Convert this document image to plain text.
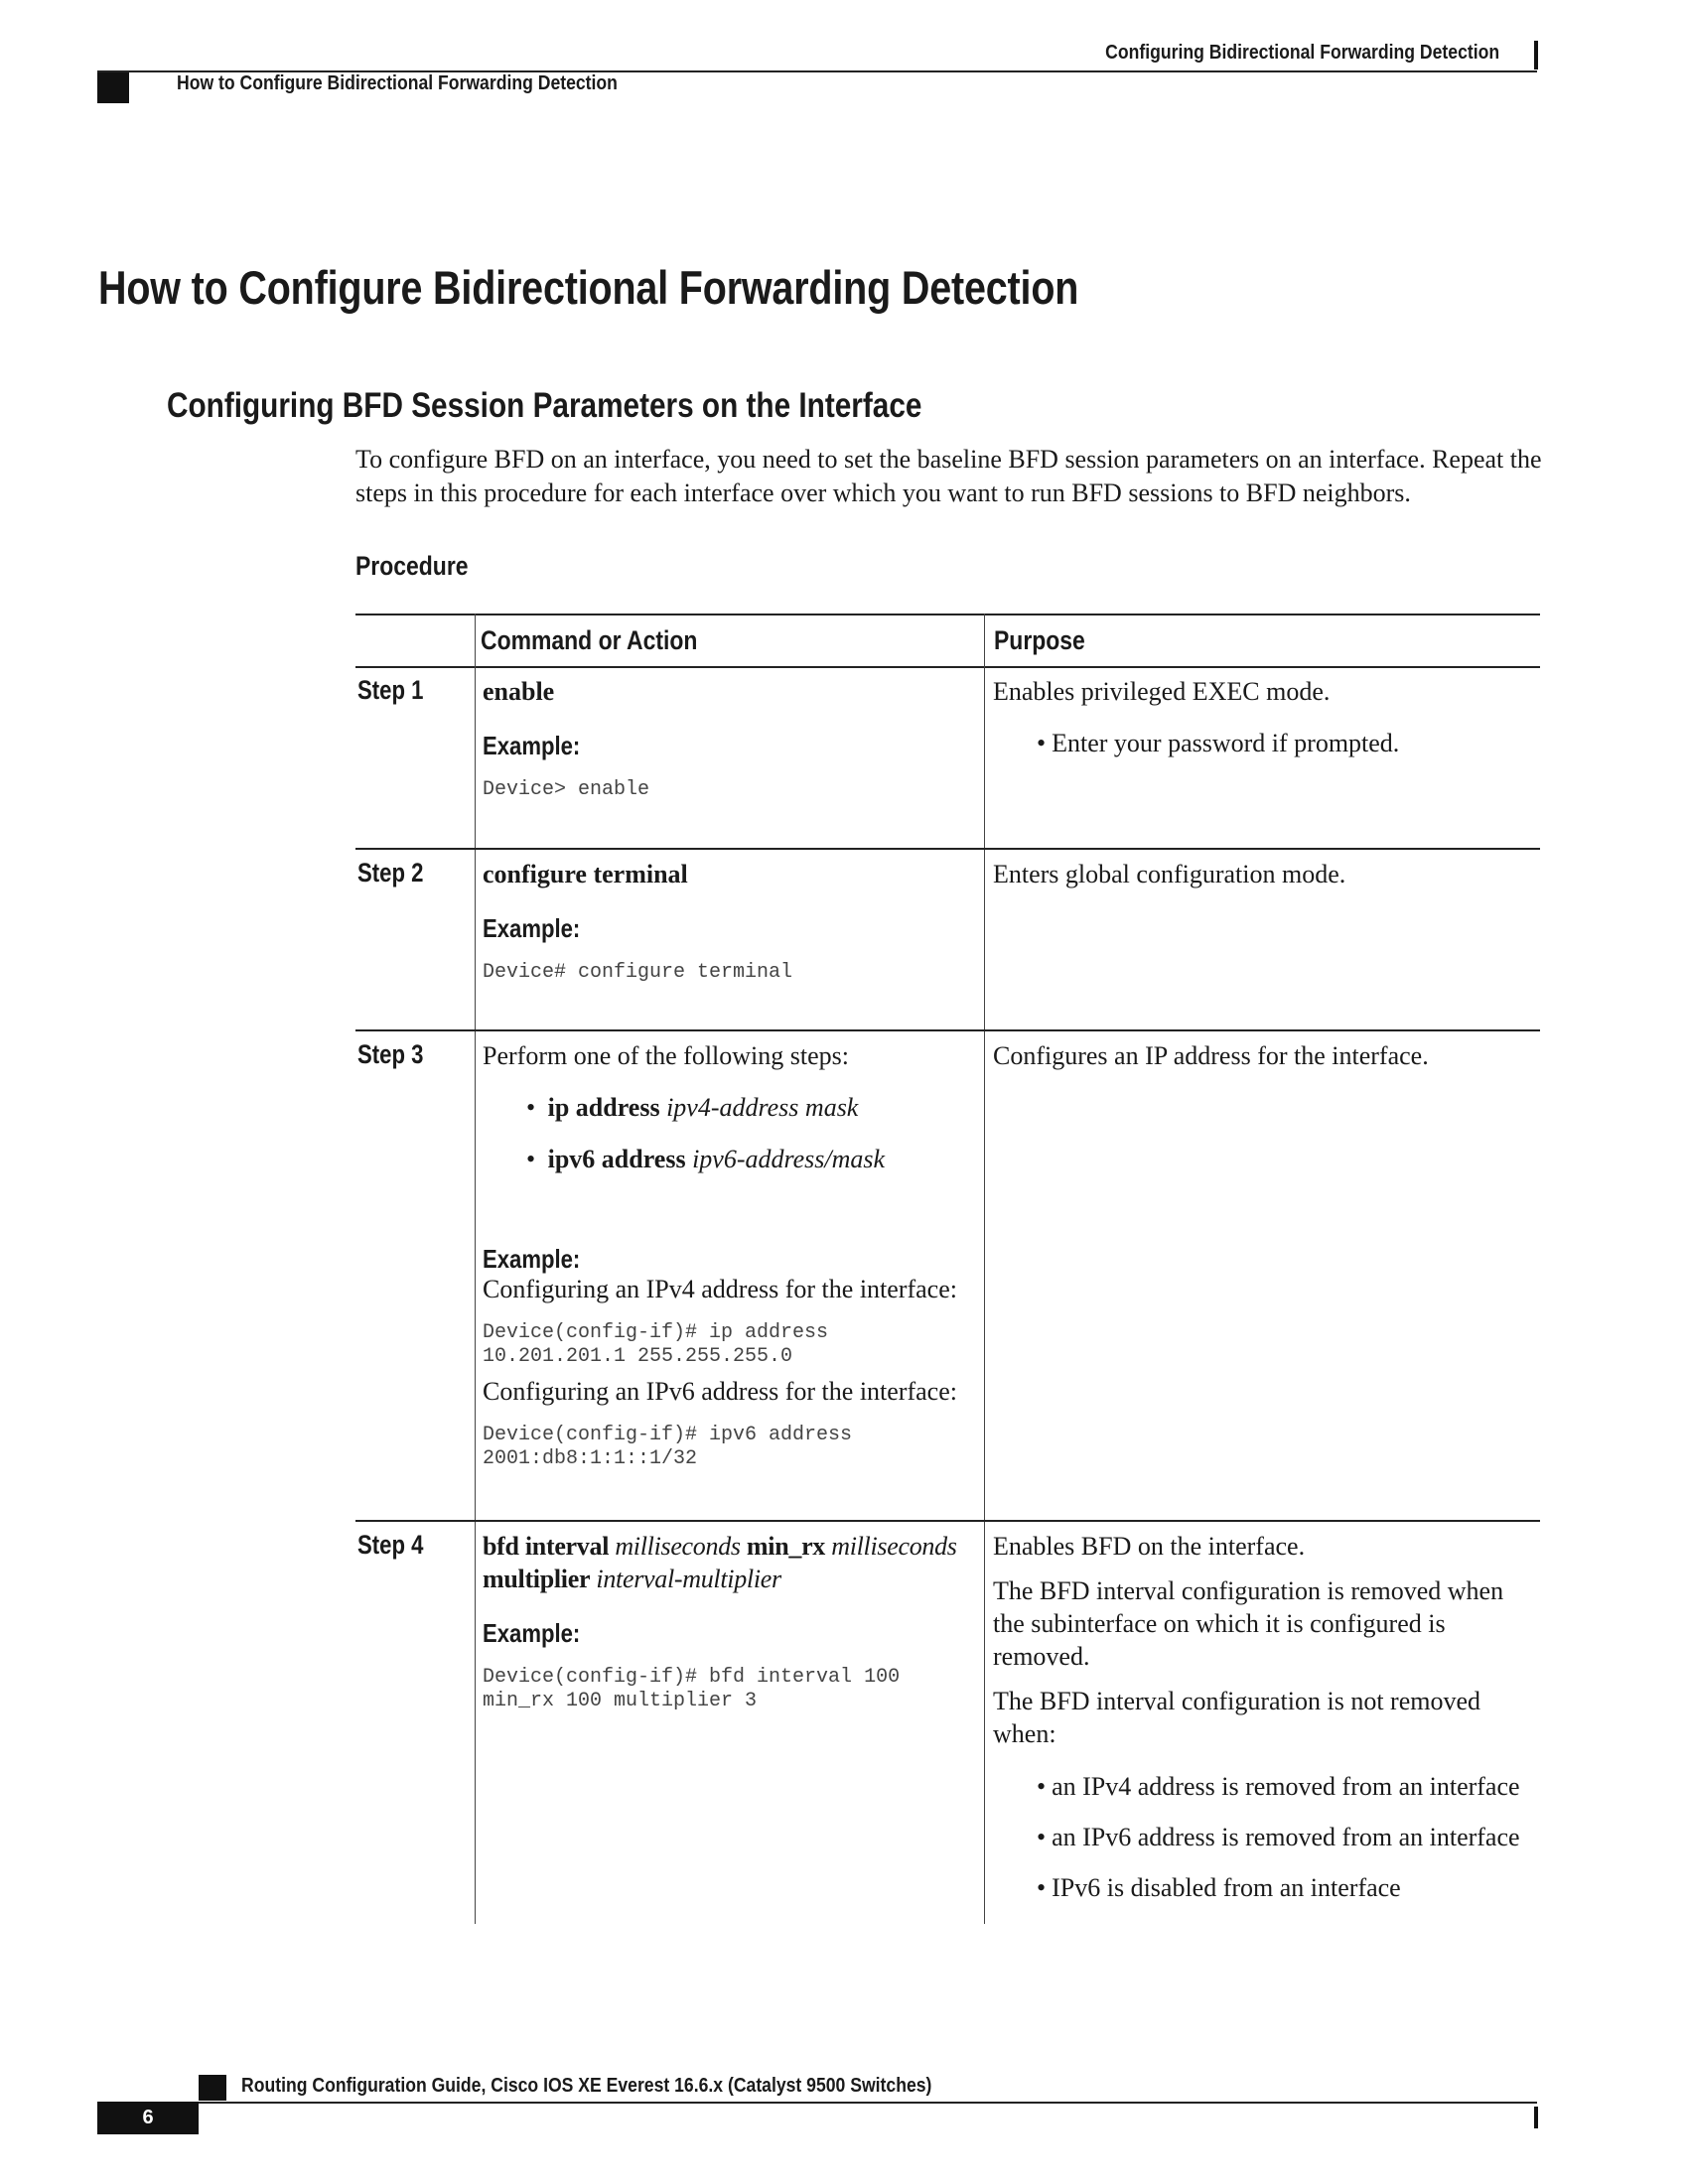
Configuring Bidirectional Forwarding Detection
How to Configure Bidirectional Forwarding Detection
How to Configure Bidirectional Forwarding Detection
Configuring BFD Session Parameters on the Interface
To configure BFD on an interface, you need to set the baseline BFD session parameters on an interface. Repeat the steps in this procedure for each interface over which you want to run BFD sessions to BFD neighbors.
Procedure
Command or Action	Purpose
Step 1 enable
Example:
Device> enable
Enables privileged EXEC mode.
• Enter your password if prompted.
Step 2 configure terminal
Example:
Device# configure terminal
Enters global configuration mode.
Step 3 Perform one of the following steps:
• ip address ipv4-address mask
• ipv6 address ipv6-address/mask
Example:
Configuring an IPv4 address for the interface:
Device(config-if)# ip address
10.201.201.1 255.255.255.0
Configuring an IPv6 address for the interface:
Device(config-if)# ipv6 address
2001:db8:1:1::1/32
Configures an IP address for the interface.
Step 4 bfd interval milliseconds min_rx milliseconds multiplier interval-multiplier
Example:
Device(config-if)# bfd interval 100
min_rx 100 multiplier 3
Enables BFD on the interface.
The BFD interval configuration is removed when the subinterface on which it is configured is removed.
The BFD interval configuration is not removed when:
• an IPv4 address is removed from an interface
• an IPv6 address is removed from an interface
• IPv6 is disabled from an interface
Routing Configuration Guide, Cisco IOS XE Everest 16.6.x (Catalyst 9500 Switches)
6
